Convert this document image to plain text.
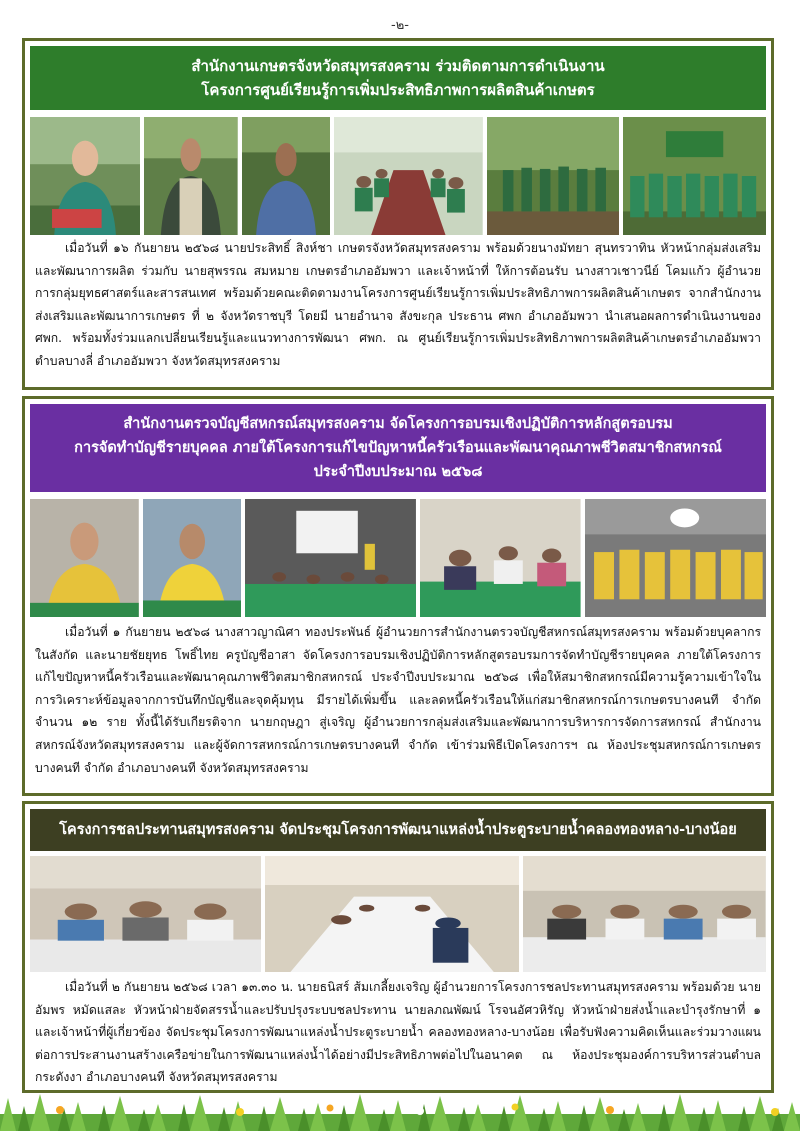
-๒-
สำนักงานเกษตรจังหวัดสมุทรสงคราม ร่วมติดตามการดำเนินงาน
โครงการศูนย์เรียนรู้การเพิ่มประสิทธิภาพการผลิตสินค้าเกษตร
เมื่อวันที่ ๑๖ กันยายน ๒๕๖๘ นายประสิทธิ์ สิงห์ชา เกษตรจังหวัดสมุทรสงคราม พร้อมด้วยนางมัทยา สุนทรวาทิน หัวหน้ากลุ่มส่งเสริมและพัฒนาการผลิต ร่วมกับ นายสุพรรณ สมหมาย เกษตรอำเภออัมพวา และเจ้าหน้าที่ ให้การต้อนรับ นางสาวเชาวนีย์ โคมแก้ว ผู้อำนวยการกลุ่มยุทธศาสตร์และสารสนเทศ พร้อมด้วยคณะติดตามงานโครงการศูนย์เรียนรู้การเพิ่มประสิทธิภาพการผลิตสินค้าเกษตร จากสำนักงานส่งเสริมและพัฒนาการเกษตร ที่ ๒ จังหวัดราชบุรี โดยมี นายอำนาจ สังขะกุล ประธาน ศพก อำเภออัมพวา นำเสนอผลการดำเนินงานของศพก. พร้อมทั้งร่วมแลกเปลี่ยนเรียนรู้และแนวทางการพัฒนา ศพก. ณ ศูนย์เรียนรู้การเพิ่มประสิทธิภาพการผลิตสินค้าเกษตรอำเภออัมพวา ตำบลบางลี่ อำเภออัมพวา จังหวัดสมุทรสงคราม
สำนักงานตรวจบัญชีสหกรณ์สมุทรสงคราม จัดโครงการอบรมเชิงปฏิบัติการหลักสูตรอบรม
การจัดทำบัญชีรายบุคคล ภายใต้โครงการแก้ไขปัญหาหนี้ครัวเรือนและพัฒนาคุณภาพชีวิตสมาชิกสหกรณ์
ประจำปีงบประมาณ ๒๕๖๘
เมื่อวันที่ ๑ กันยายน ๒๕๖๘ นางสาวญาณิศา ทองประพันธ์ ผู้อำนวยการสำนักงานตรวจบัญชีสหกรณ์สมุทรสงคราม พร้อมด้วยบุคลากรในสังกัด และนายชัยยุทธ โพธิ์ไทย ครูบัญชีอาสา จัดโครงการอบรมเชิงปฏิบัติการหลักสูตรอบรมการจัดทำบัญชีรายบุคคล ภายใต้โครงการแก้ไขปัญหาหนี้ครัวเรือนและพัฒนาคุณภาพชีวิตสมาชิกสหกรณ์ ประจำปีงบประมาณ ๒๕๖๘ เพื่อให้สมาชิกสหกรณ์มีความรู้ความเข้าใจในการวิเคราะห์ข้อมูลจากการบันทึกบัญชีและจุดคุ้มทุน มีรายได้เพิ่มขึ้น และลดหนี้ครัวเรือนให้แก่สมาชิกสหกรณ์การเกษตรบางคนที จำกัด จำนวน ๑๒ ราย ทั้งนี้ได้รับเกียรติจาก นายกฤษฎา สู่เจริญ ผู้อำนวยการกลุ่มส่งเสริมและพัฒนาการบริหารการจัดการสหกรณ์ สำนักงานสหกรณ์จังหวัดสมุทรสงคราม และผู้จัดการสหกรณ์การเกษตรบางคนที จำกัด เข้าร่วมพิธีเปิดโครงการฯ ณ ห้องประชุมสหกรณ์การเกษตรบางคนที จำกัด อำเภอบางคนที จังหวัดสมุทรสงคราม
โครงการชลประทานสมุทรสงคราม จัดประชุมโครงการพัฒนาแหล่งน้ำประตูระบายน้ำคลองทองหลาง-บางน้อย
เมื่อวันที่ ๒ กันยายน ๒๕๖๘ เวลา ๑๓.๓๐ น. นายธนิสร์ ส้มเกลี้ยงเจริญ ผู้อำนวยการโครงการชลประทานสมุทรสงคราม พร้อมด้วย นายอัมพร หมัดแสละ หัวหน้าฝ่ายจัดสรรน้ำและปรับปรุงระบบชลประทาน นายลภณพัฒน์ โรจนอัศวหิรัญ หัวหน้าฝ่ายส่งน้ำและบำรุงรักษาที่ ๑ และเจ้าหน้าที่ผู้เกี่ยวข้อง จัดประชุมโครงการพัฒนาแหล่งน้ำประตูระบายน้ำ คลองทองหลาง-บางน้อย เพื่อรับฟังความคิดเห็นและร่วมวางแผนต่อการประสานงานสร้างเครือข่ายในการพัฒนาแหล่งน้ำได้อย่างมีประสิทธิภาพต่อไปในอนาคต ณ ห้องประชุมองค์การบริหารส่วนตำบลกระดังงา อำเภอบางคนที จังหวัดสมุทรสงคราม
